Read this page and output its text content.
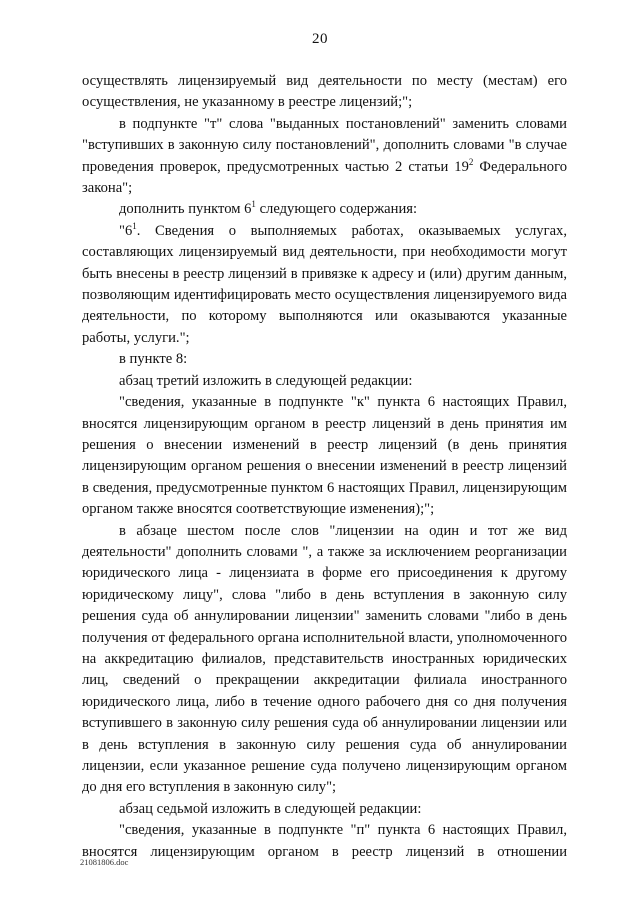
20

осуществлять лицензируемый вид деятельности по месту (местам) его осуществления, не указанному в реестре лицензий;";

в подпункте "т" слова "выданных постановлений" заменить словами "вступивших в законную силу постановлений", дополнить словами "в случае проведения проверок, предусмотренных частью 2 статьи $19^2$ Федерального закона";

дополнить пунктом $6^1$ следующего содержания:

"$6^1$. Сведения о выполняемых работах, оказываемых услугах, составляющих лицензируемый вид деятельности, при необходимости могут быть внесены в реестр лицензий в привязке к адресу и (или) другим данным, позволяющим идентифицировать место осуществления лицензируемого вида деятельности, по которому выполняются или оказываются указанные работы, услуги.";

в пункте 8:

абзац третий изложить в следующей редакции:

"сведения, указанные в подпункте "к" пункта 6 настоящих Правил, вносятся лицензирующим органом в реестр лицензий в день принятия им решения о внесении изменений в реестр лицензий (в день принятия лицензирующим органом решения о внесении изменений в реестр лицензий в сведения, предусмотренные пунктом 6 настоящих Правил, лицензирующим органом также вносятся соответствующие изменения);";

в абзаце шестом после слов "лицензии на один и тот же вид деятельности" дополнить словами ", а также за исключением реорганизации юридического лица - лицензиата в форме его присоединения к другому юридическому лицу", слова "либо в день вступления в законную силу решения суда об аннулировании лицензии" заменить словами "либо в день получения от федерального органа исполнительной власти, уполномоченного на аккредитацию филиалов, представительств иностранных юридических лиц, сведений о прекращении аккредитации филиала иностранного юридического лица, либо в течение одного рабочего дня со дня получения вступившего в законную силу решения суда об аннулировании лицензии или в день вступления в законную силу решения суда об аннулировании лицензии, если указанное решение суда получено лицензирующим органом до дня его вступления в законную силу";

абзац седьмой изложить в следующей редакции:

"сведения, указанные в подпункте "п" пункта 6 настоящих Правил, вносятся лицензирующим органом в реестр лицензий в отношении

21081806.doc
